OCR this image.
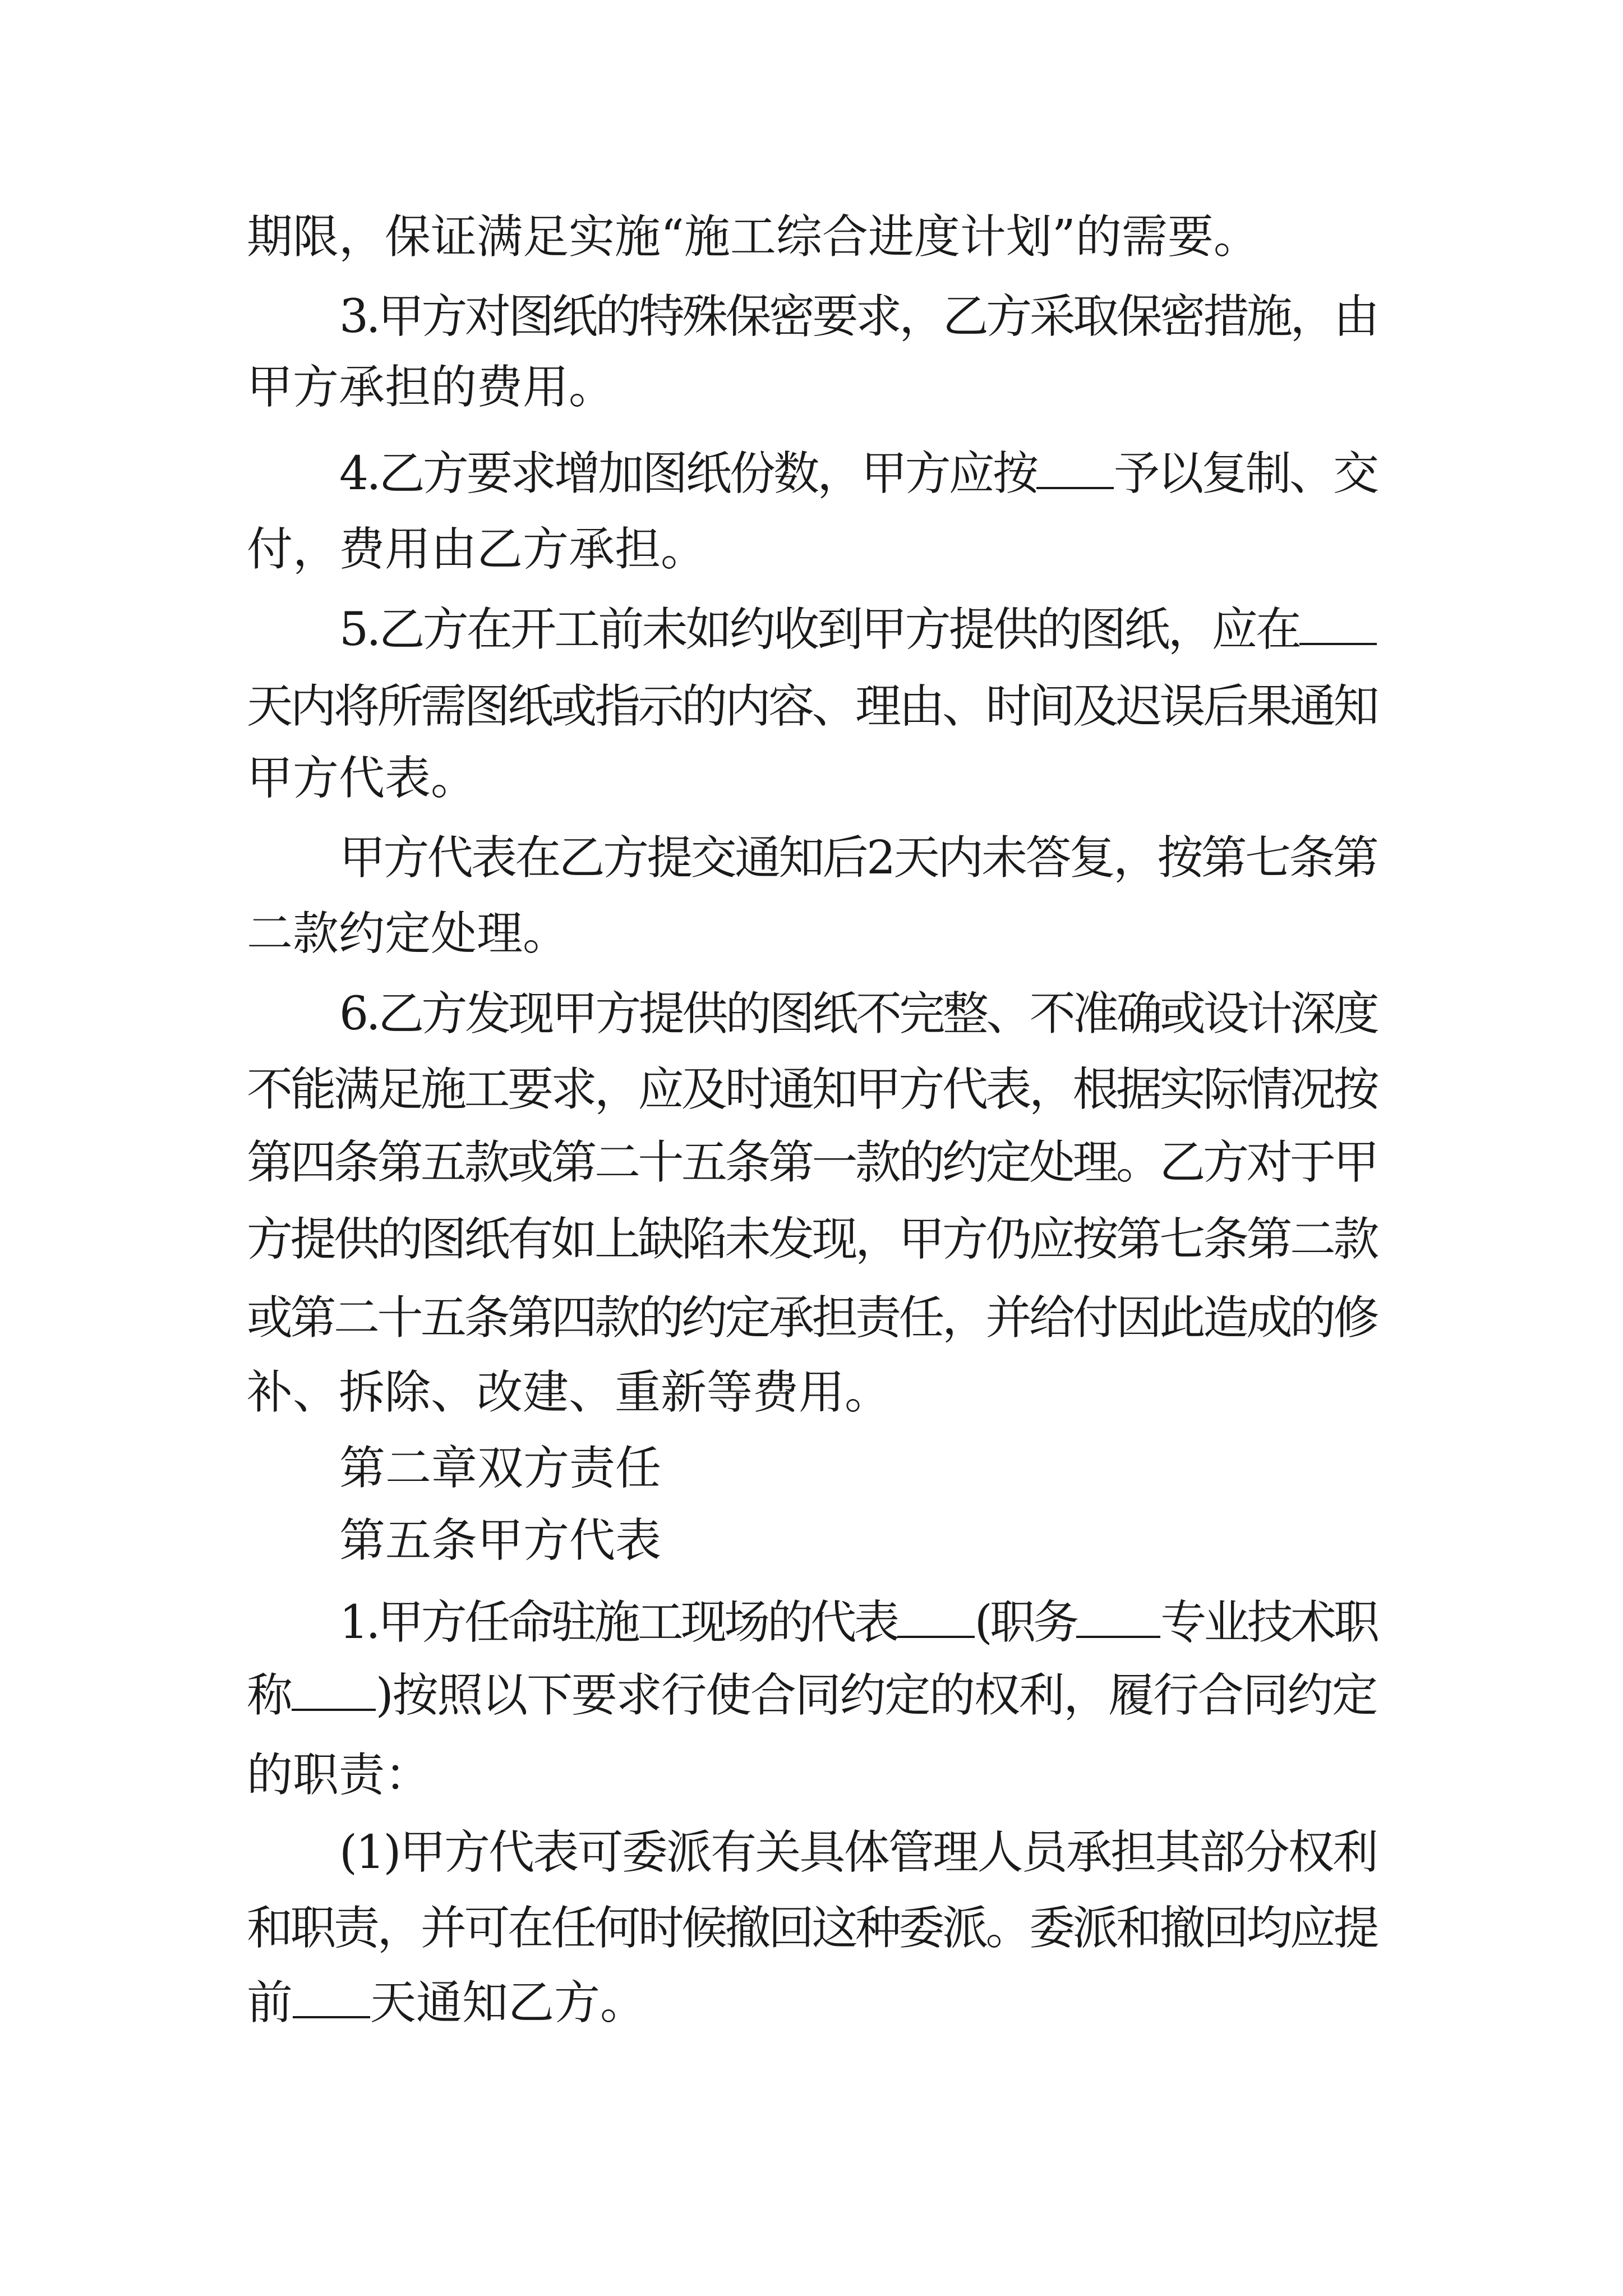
期限，保证满足实施“施工综合进度计划”的需要。
3.甲方对图纸的特殊保密要求，乙方采取保密措施，由
甲方承担的费用。
4.乙方要求增加图纸份数，甲方应按 予以复制、交
付，费用由乙方承担。
5.乙方在开工前未如约收到甲方提供的图纸，应在
天内将所需图纸或指示的内容、理由、时间及迟误后果通知
甲方代表。
甲方代表在乙方提交通知后2天内未答复，按第七条第
二款约定处理。
6.乙方发现甲方提供的图纸不完整、不准确或设计深度
不能满足施工要求，应及时通知甲方代表，根据实际情况按
第四条第五款或第二十五条第一款的约定处理。乙方对于甲
方提供的图纸有如上缺陷未发现，甲方仍应按第七条第二款
或第二十五条第四款的约定承担责任，并给付因此造成的修
补、拆除、改建、重新等费用。
第二章双方责任
第五条甲方代表
1.甲方任命驻施工现场的代表 (职务 专业技术职
称 )按照以下要求行使合同约定的权利，履行合同约定
的职责：
(1)甲方代表可委派有关具体管理人员承担其部分权利
和职责，并可在任何时候撤回这种委派。委派和撤回均应提
前 天通知乙方。
